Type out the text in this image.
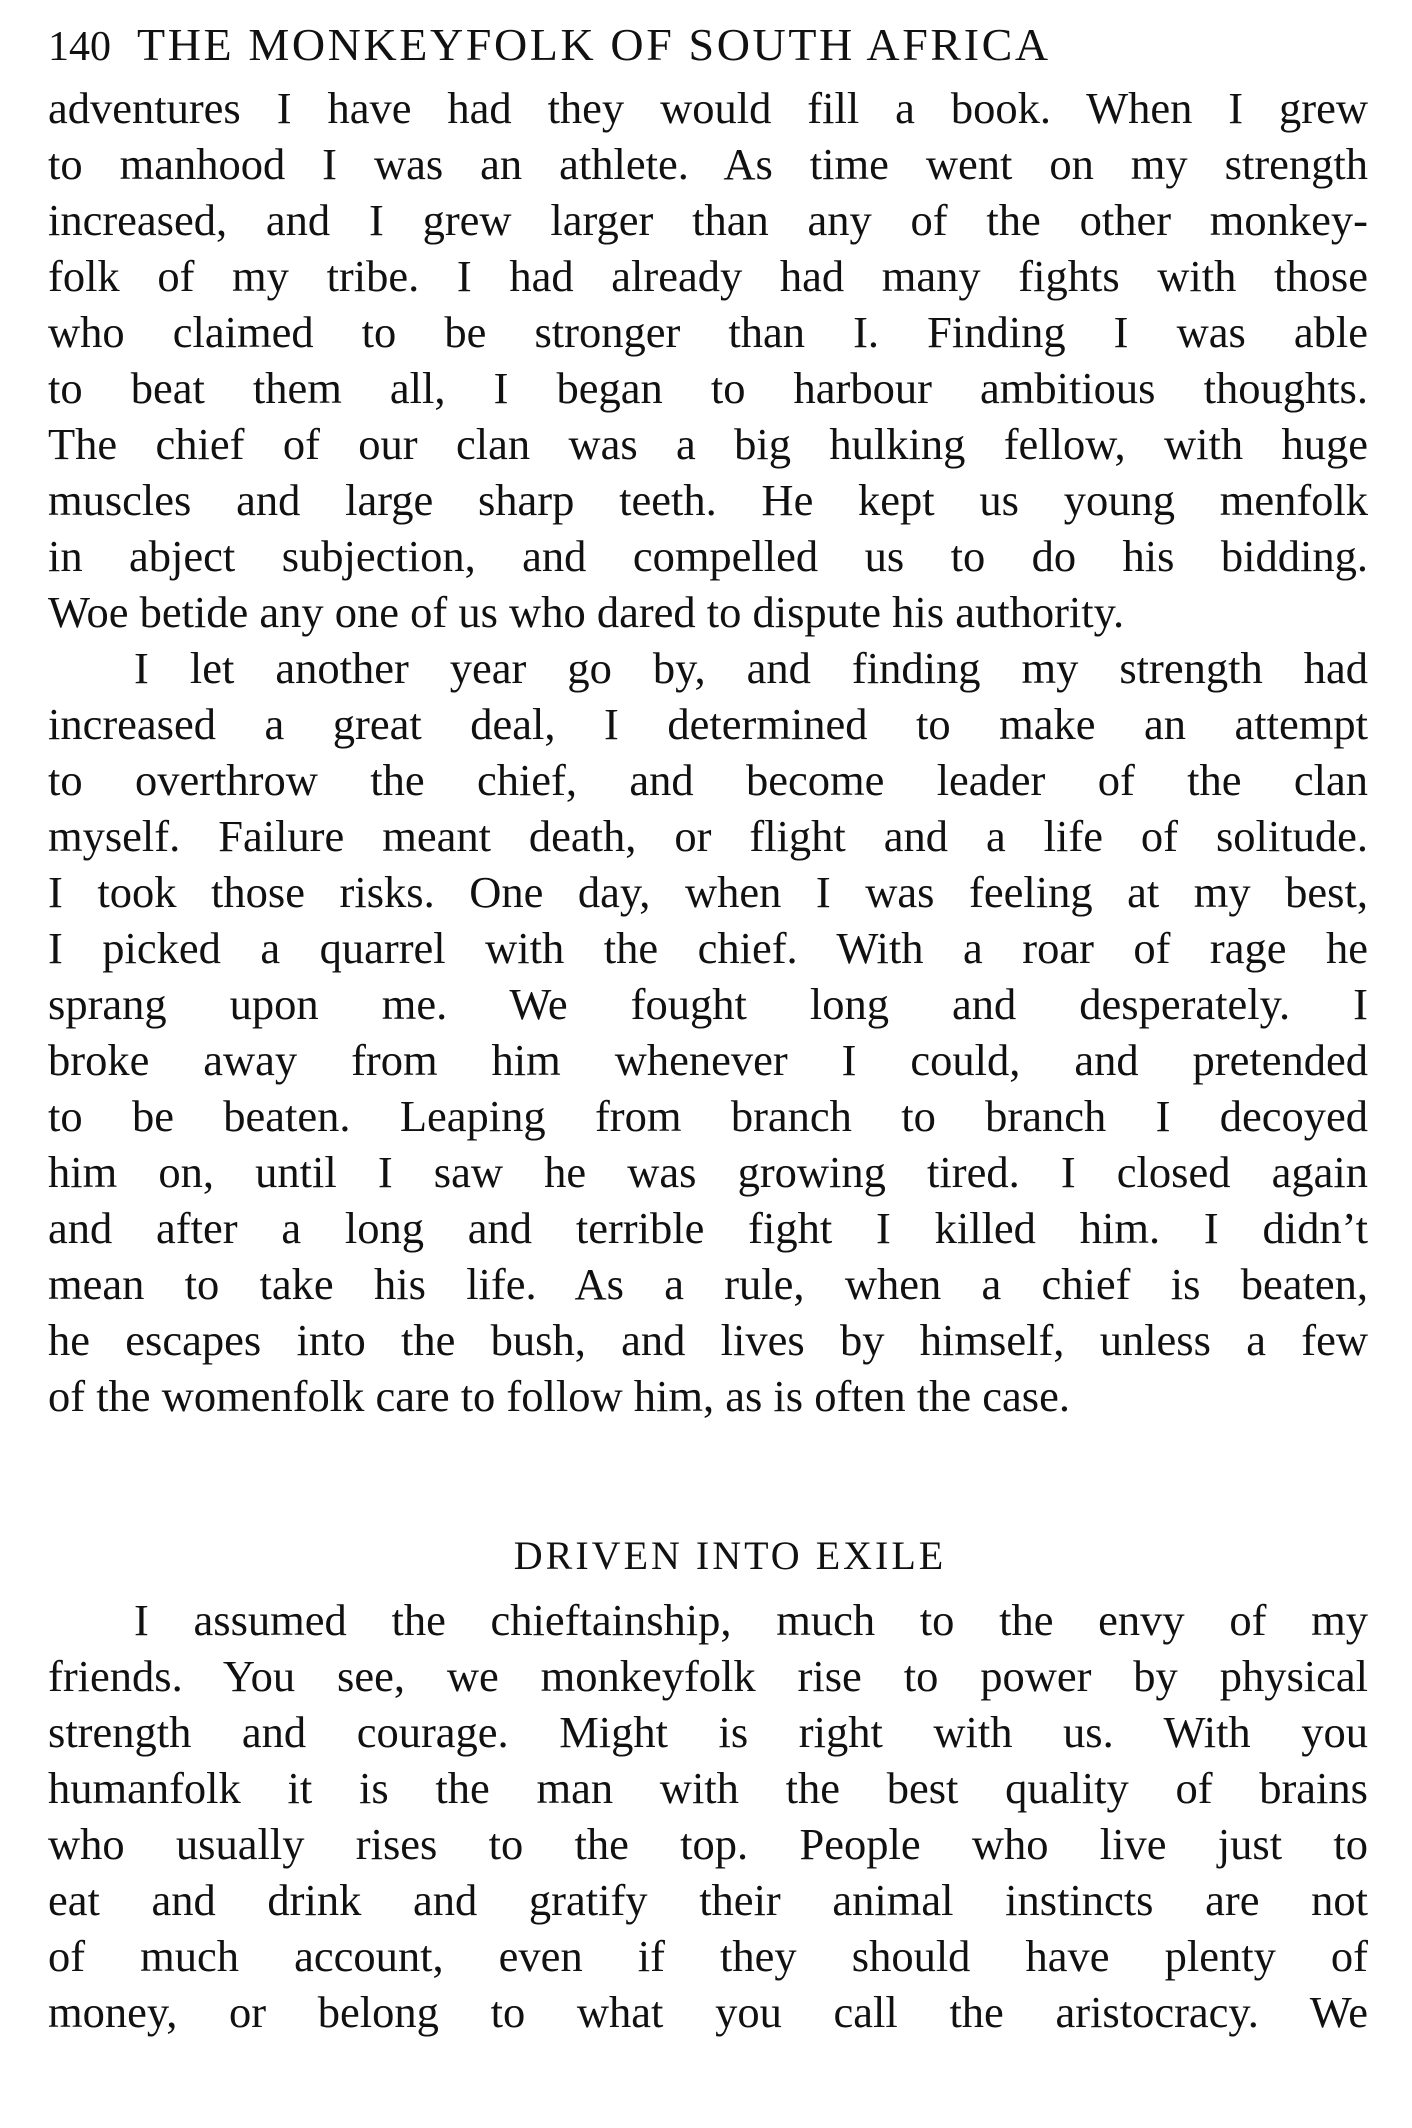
140 THE MONKEYFOLK OF SOUTH AFRICA
adventures I have had they would fill a book. When I grew
to manhood I was an athlete. As time went on my strength
increased, and I grew larger than any of the other monkey-
folk of my tribe. I had already had many fights with those
who claimed to be stronger than I. Finding I was able
to beat them all, I began to harbour ambitious thoughts.
The chief of our clan was a big hulking fellow, with huge
muscles and large sharp teeth. He kept us young menfolk
in abject subjection, and compelled us to do his bidding.
Woe betide any one of us who dared to dispute his authority.
I let another year go by, and finding my strength had
increased a great deal, I determined to make an attempt
to overthrow the chief, and become leader of the clan
myself. Failure meant death, or flight and a life of solitude.
I took those risks. One day, when I was feeling at my best,
I picked a quarrel with the chief. With a roar of rage he
sprang upon me. We fought long and desperately. I
broke away from him whenever I could, and pretended
to be beaten. Leaping from branch to branch I decoyed
him on, until I saw he was growing tired. I closed again
and after a long and terrible fight I killed him. I didn’t
mean to take his life. As a rule, when a chief is beaten,
he escapes into the bush, and lives by himself, unless a few
of the womenfolk care to follow him, as is often the case.
DRIVEN INTO EXILE
I assumed the chieftainship, much to the envy of my
friends. You see, we monkeyfolk rise to power by physical
strength and courage. Might is right with us. With you
humanfolk it is the man with the best quality of brains
who usually rises to the top. People who live just to
eat and drink and gratify their animal instincts are not
of much account, even if they should have plenty of
money, or belong to what you call the aristocracy. We
